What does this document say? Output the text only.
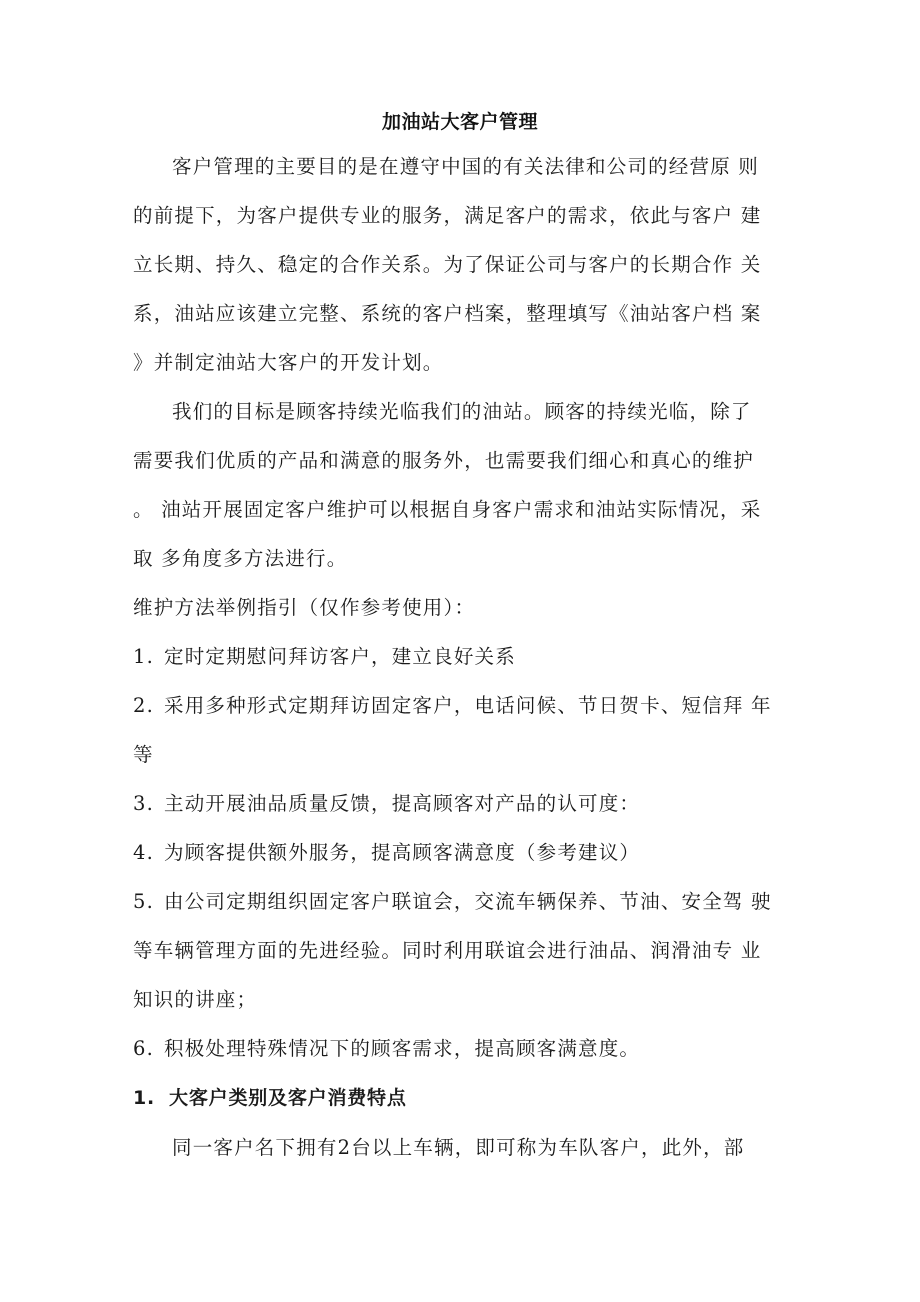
加油站大客户管理
客户管理的主要目的是在遵守中国的有关法律和公司的经营原 则
的前提下，为客户提供专业的服务，满足客户的需求，依此与客户 建
立长期、持久、稳定的合作关系。为了保证公司与客户的长期合作 关
系，油站应该建立完整、系统的客户档案，整理填写《油站客户档 案
》并制定油站大客户的开发计划。
我们的目标是顾客持续光临我们的油站。顾客的持续光临，除了
需要我们优质的产品和满意的服务外，也需要我们细心和真心的维护
。 油站开展固定客户维护可以根据自身客户需求和油站实际情况，采
取 多角度多方法进行。
维护方法举例指引（仅作参考使用）：
1. 定时定期慰问拜访客户，建立良好关系
2. 采用多种形式定期拜访固定客户，电话问候、节日贺卡、短信拜 年
等
3. 主动开展油品质量反馈，提高顾客对产品的认可度：
4. 为顾客提供额外服务，提高顾客满意度（参考建议）
5. 由公司定期组织固定客户联谊会，交流车辆保养、节油、安全驾 驶
等车辆管理方面的先进经验。同时利用联谊会进行油品、润滑油专 业
知识的讲座；
6. 积极处理特殊情况下的顾客需求，提高顾客满意度。
1. 大客户类别及客户消费特点
同一客户名下拥有2台以上车辆，即可称为车队客户，此外，部
